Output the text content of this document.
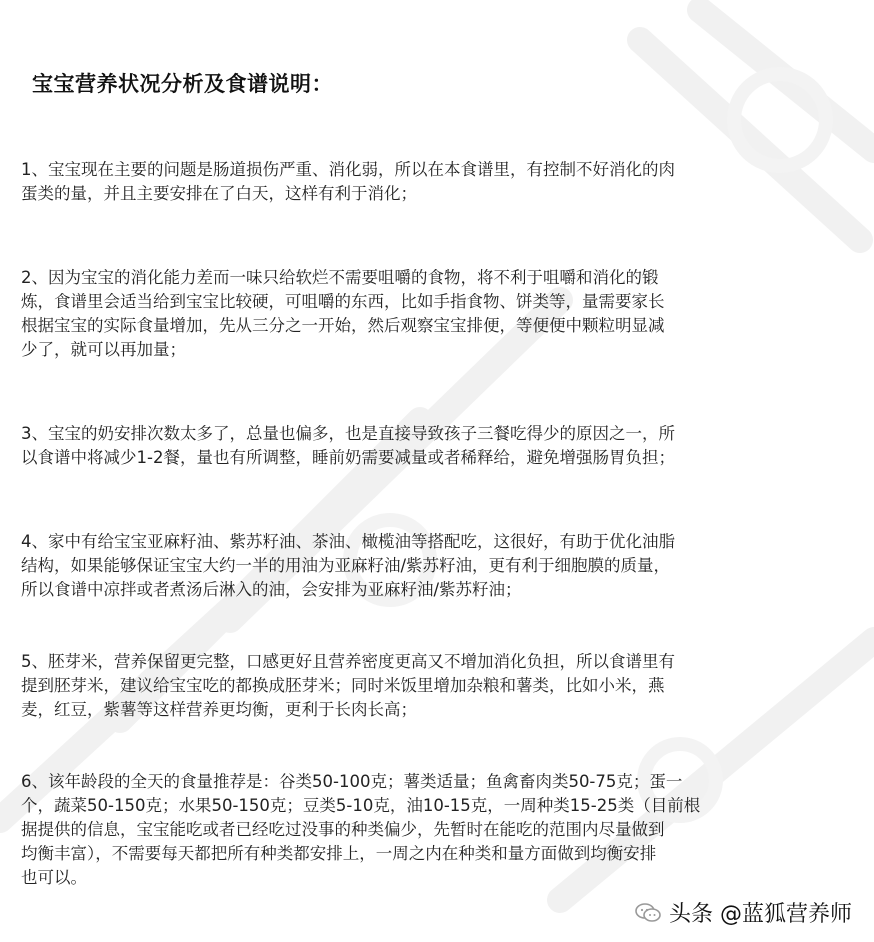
宝宝营养状况分析及食谱说明：
1、宝宝现在主要的问题是肠道损伤严重、消化弱，所以在本食谱里，有控制不好消化的肉
蛋类的量，并且主要安排在了白天，这样有利于消化；
2、因为宝宝的消化能力差而一味只给软烂不需要咀嚼的食物，将不利于咀嚼和消化的锻
炼，食谱里会适当给到宝宝比较硬，可咀嚼的东西，比如手指食物、饼类等，量需要家长
根据宝宝的实际食量增加，先从三分之一开始，然后观察宝宝排便，等便便中颗粒明显减
少了，就可以再加量；
3、宝宝的奶安排次数太多了，总量也偏多，也是直接导致孩子三餐吃得少的原因之一，所
以食谱中将减少1-2餐，量也有所调整，睡前奶需要减量或者稀释给，避免增强肠胃负担；
4、家中有给宝宝亚麻籽油、紫苏籽油、茶油、橄榄油等搭配吃，这很好，有助于优化油脂
结构，如果能够保证宝宝大约一半的用油为亚麻籽油/紫苏籽油，更有利于细胞膜的质量，
所以食谱中凉拌或者煮汤后淋入的油，会安排为亚麻籽油/紫苏籽油；
5、胚芽米，营养保留更完整，口感更好且营养密度更高又不增加消化负担，所以食谱里有
提到胚芽米，建议给宝宝吃的都换成胚芽米；同时米饭里增加杂粮和薯类，比如小米，燕
麦，红豆，紫薯等这样营养更均衡，更利于长肉长高；
6、该年龄段的全天的食量推荐是：谷类50-100克；薯类适量；鱼禽畜肉类50-75克；蛋一
个，蔬菜50-150克；水果50-150克；豆类5-10克，油10-15克，一周种类15-25类（目前根
据提供的信息，宝宝能吃或者已经吃过没事的种类偏少，先暂时在能吃的范围内尽量做到
均衡丰富），不需要每天都把所有种类都安排上，一周之内在种类和量方面做到均衡安排
也可以。
头条 @蓝狐营养师
